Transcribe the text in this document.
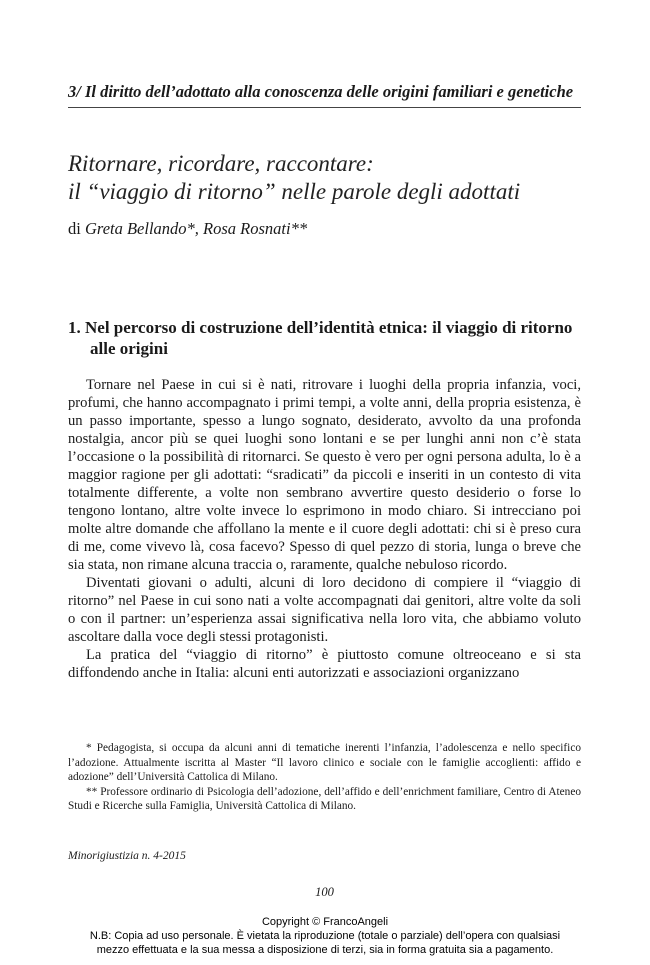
3/ Il diritto dell’adottato alla conoscenza delle origini familiari e genetiche
Ritornare, ricordare, raccontare:
il “viaggio di ritorno” nelle parole degli adottati
di Greta Bellando*, Rosa Rosnati**
1. Nel percorso di costruzione dell’identità etnica: il viaggio di ritorno alle origini

Tornare nel Paese in cui si è nati, ritrovare i luoghi della propria infanzia, voci, profumi, che hanno accompagnato i primi tempi, a volte anni, della propria esistenza, è un passo importante, spesso a lungo sognato, desiderato, avvolto da una profonda nostalgia, ancor più se quei luoghi sono lontani e se per lunghi anni non c’è stata l’occasione o la possibilità di ritornarci. Se questo è vero per ogni persona adulta, lo è a maggior ragione per gli adottati: “sradicati” da piccoli e inseriti in un contesto di vita totalmente differente, a volte non sembrano avvertire questo desiderio o forse lo tengono lontano, altre volte invece lo esprimono in modo chiaro. Si intrecciano poi molte altre domande che affollano la mente e il cuore degli adottati: chi si è preso cura di me, come vivevo là, cosa facevo? Spesso di quel pezzo di storia, lunga o breve che sia stata, non rimane alcuna traccia o, raramente, qualche nebuloso ricordo.

Diventati giovani o adulti, alcuni di loro decidono di compiere il “viaggio di ritorno” nel Paese in cui sono nati a volte accompagnati dai genitori, altre volte da soli o con il partner: un’esperienza assai significativa nella loro vita, che abbiamo voluto ascoltare dalla voce degli stessi protagonisti.

La pratica del “viaggio di ritorno” è piuttosto comune oltreoceano e si sta diffondendo anche in Italia: alcuni enti autorizzati e associazioni organizzano

* Pedagogista, si occupa da alcuni anni di tematiche inerenti l’infanzia, l’adolescenza e nello specifico l’adozione. Attualmente iscritta al Master “Il lavoro clinico e sociale con le famiglie accoglienti: affido e adozione” dell’Università Cattolica di Milano.

** Professore ordinario di Psicologia dell’adozione, dell’affido e dell’enrichment familiare, Centro di Ateneo Studi e Ricerche sulla Famiglia, Università Cattolica di Milano.

Minorigiustizia n. 4-2015
100
Copyright © FrancoAngeli
N.B: Copia ad uso personale. È vietata la riproduzione (totale o parziale) dell’opera con qualsiasi
mezzo effettuata e la sua messa a disposizione di terzi, sia in forma gratuita sia a pagamento.
